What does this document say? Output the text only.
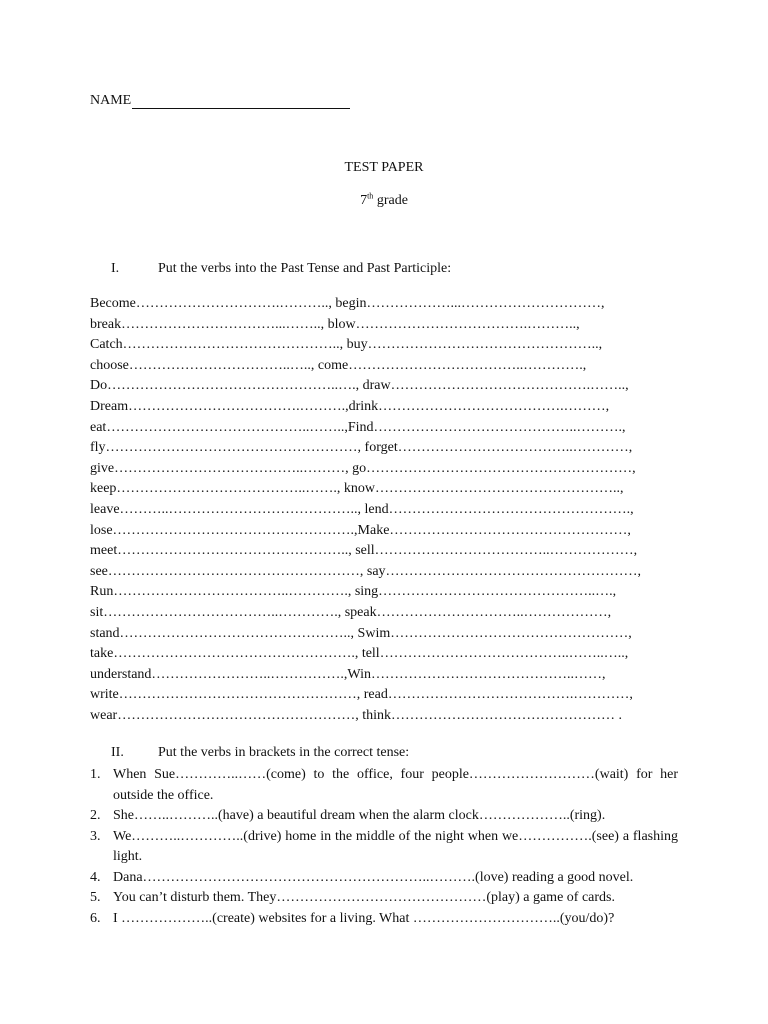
NAME
TEST PAPER
7th grade
I.	Put the verbs into the Past Tense and Past Participle:
Become………………………….……….., begin………………...…………………………,
break……………………………...…….., blow……………………………….………..,
Catch……………………………………….., buy…………………………………………..,
choose……………………………..….., come………………………………..………….,
Do…………………………………………..…., draw…………………………………….……..,
Dream……………………………….……….,drink………………………………….………,
eat……………………………………..……..,Find……………………………………..……….,
fly………………………………………………, forget………………………………..…………,
give…………………………………..………, go…………………………………………………,
keep…………………………………..……., know……………………………………………..,
leave………..………………………………….., lend…………………………………………….,
lose…………………………………………….,Make……………………………………………,
meet………………………………………….., sell………………………………..………………,
see………………………………………………, say………………………………………………,
Run………………………………..…………., sing………………………………………..….,
sit………………………………..…………., speak…………………………..………………,
stand………………………………………….., Swim……………………………………………,
take……………………………………………., tell…………………………………..……..…..,
understand……………………..…………….,Win……………………………………..……,
write……………………………………………, read………………………………….…………,
wear……………………………………………, think………………………………………… .
II. Put the verbs in brackets in the correct tense:
1. When Sue…………..……(come) to the office, four people………………………(wait) for her outside the office.
2. She……..………..(have) a beautiful dream when the alarm clock………………..(ring).
3. We………..…………..(drive) home in the middle of the night when we…………….(see) a flashing light.
4. Dana……………………………………………………..……….(love) reading a good novel.
5. You can’t disturb them. They………………………………………(play) a game of cards.
6. I ………………..(create) websites for a living. What …………………………..(you/do)?
